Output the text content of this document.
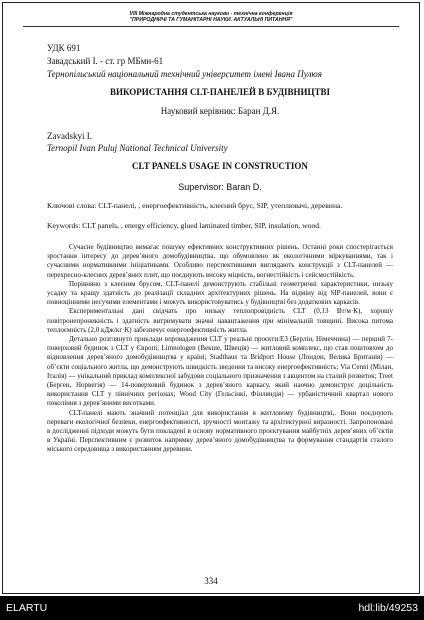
VIII Міжнародна студентська науково - технічна конференція
"ПРИРОДНИЧІ ТА ГУМАНІТАРНІ НАУКИ. АКТУАЛЬНІ ПИТАННЯ"
УДК 691
Завадський І. - ст. гр МБмн-61
Тернопільський національний технічний університет імені Івана Пулюя
ВИКОРИСТАННЯ CLT-ПАНЕЛЕЙ В БУДІВНИЦТВІ
Науковий керівник: Баран Д.Я.
Zavadskyi I.
Ternopil Ivan Puluj National Technical University
CLT PANELS USAGE IN CONSTRUCTION
Supervisor: Baran D.
Ключові слова: CLT-панелі, , енергоефективність, клеєний брус, SIP, утеплювачі, деревина.
Keywords: CLT panels, , energy efficiency, glued laminated timber, SIP, insulation, wood.

Сучасне будівництво вимагає пошуку ефективних конструктивних рішень. Останні роки спостерігається зростання інтересу до дерев’яного домобудівництва, що обумовлено як екологічними міркуваннями, так і сучасними нормативними ініціативами. Особливо перспективними виглядають конструкції з CLT-панелей — перехресно-клеєних дерев’яних плит, що поєднують високу міцність, вогнестійкість і сейсмостійкість.

Порівняно з клеєним брусом, CLT-панелі демонструють стабільні геометричні характеристики, низьку усадку та кращу здатність до реалізації складних архітектурних рішень. На відміну від SIP-панелей, вони є повноцінними несучими елементами і можуть використовуватись у будівництві без додаткових каркасів.

Експериментальні дані свідчать про низьку теплопровідність CLT (0,13 Вт/м·К), хорошу повітронепроникність і здатність витримувати значні навантаження при мінімальній товщині. Висока питома теплоємність (2,0 кДж/кг·К) забезпечує енергоефективність житла.

Детально розглянуто приклади впровадження CLT у реальні проєкти:E3 (Берлін, Німеччина) — перший 7-поверховий будинок з CLT у Європі; Limnologen (Векше, Швеція) — житловий комплекс, що став поштовхом до відновлення дерев’яного домобудівництва у країні; Stadthaus та Bridport House (Лондон, Велика Британія) — об’єкти соціального житла, що демонструють швидкість зведення та високу енергоефективність; Via Cenni (Мілан, Італія) — унікальний приклад комплексної забудови соціального призначення з акцентом на сталий розвиток; Treet (Берген, Норвегія) — 14-поверховий будинок з дерев’яного каркасу, який наочно демонструє доцільність використання CLT у північних регіонах; Wood City (Гельсінкі, Фінляндія) — урбаністичний квартал нового покоління з дерев’яними висотками.

CLT-панелі мають значний потенціал для використання в житловому будівництві,. Вони поєднують переваги екологічної безпеки, енергоефективності, зручності монтажу та архітектурної виразності. Запропоновані в дослідженні підходи можуть бути покладені в основу нормативного проєктування майбутніх дерев’яних об’єктів в Україні. Перспективним є розвиток напрямку дерев’яного домобудівництва та формування стандартів сталого міського середовища з використанням деревини.

334
ELARTU	hdl:lib/49253
